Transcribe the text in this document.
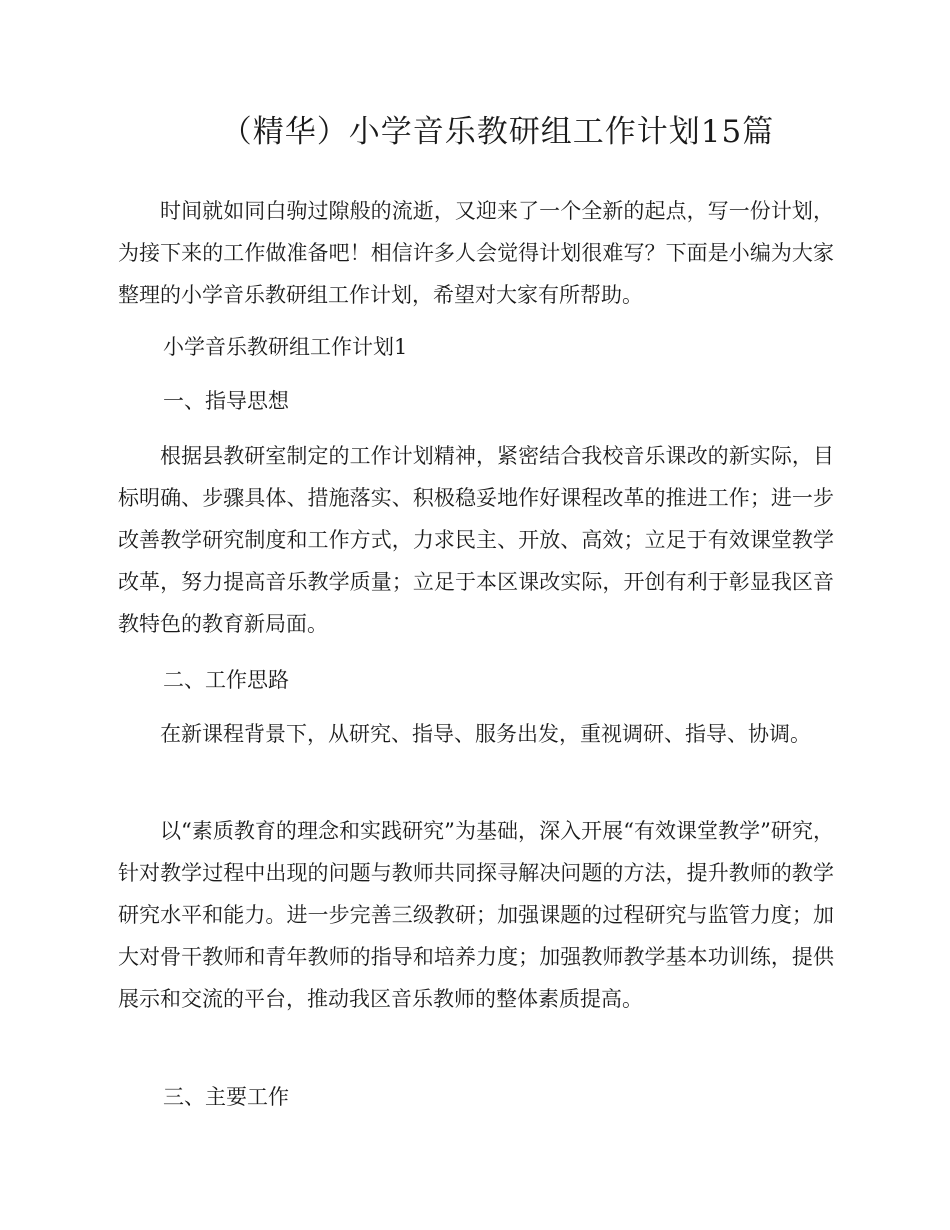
（精华）小学音乐教研组工作计划15篇

时间就如同白驹过隙般的流逝，又迎来了一个全新的起点，写一份计划，为接下来的工作做准备吧！相信许多人会觉得计划很难写？下面是小编为大家整理的小学音乐教研组工作计划，希望对大家有所帮助。

小学音乐教研组工作计划1

一、指导思想

根据县教研室制定的工作计划精神，紧密结合我校音乐课改的新实际，目标明确、步骤具体、措施落实、积极稳妥地作好课程改革的推进工作；进一步改善教学研究制度和工作方式，力求民主、开放、高效；立足于有效课堂教学改革，努力提高音乐教学质量；立足于本区课改实际，开创有利于彰显我区音教特色的教育新局面。

二、工作思路

在新课程背景下，从研究、指导、服务出发，重视调研、指导、协调。

以“素质教育的理念和实践研究”为基础，深入开展“有效课堂教学”研究，针对教学过程中出现的问题与教师共同探寻解决问题的方法，提升教师的教学研究水平和能力。进一步完善三级教研；加强课题的过程研究与监管力度；加大对骨干教师和青年教师的指导和培养力度；加强教师教学基本功训练，提供展示和交流的平台，推动我区音乐教师的整体素质提高。

三、主要工作
